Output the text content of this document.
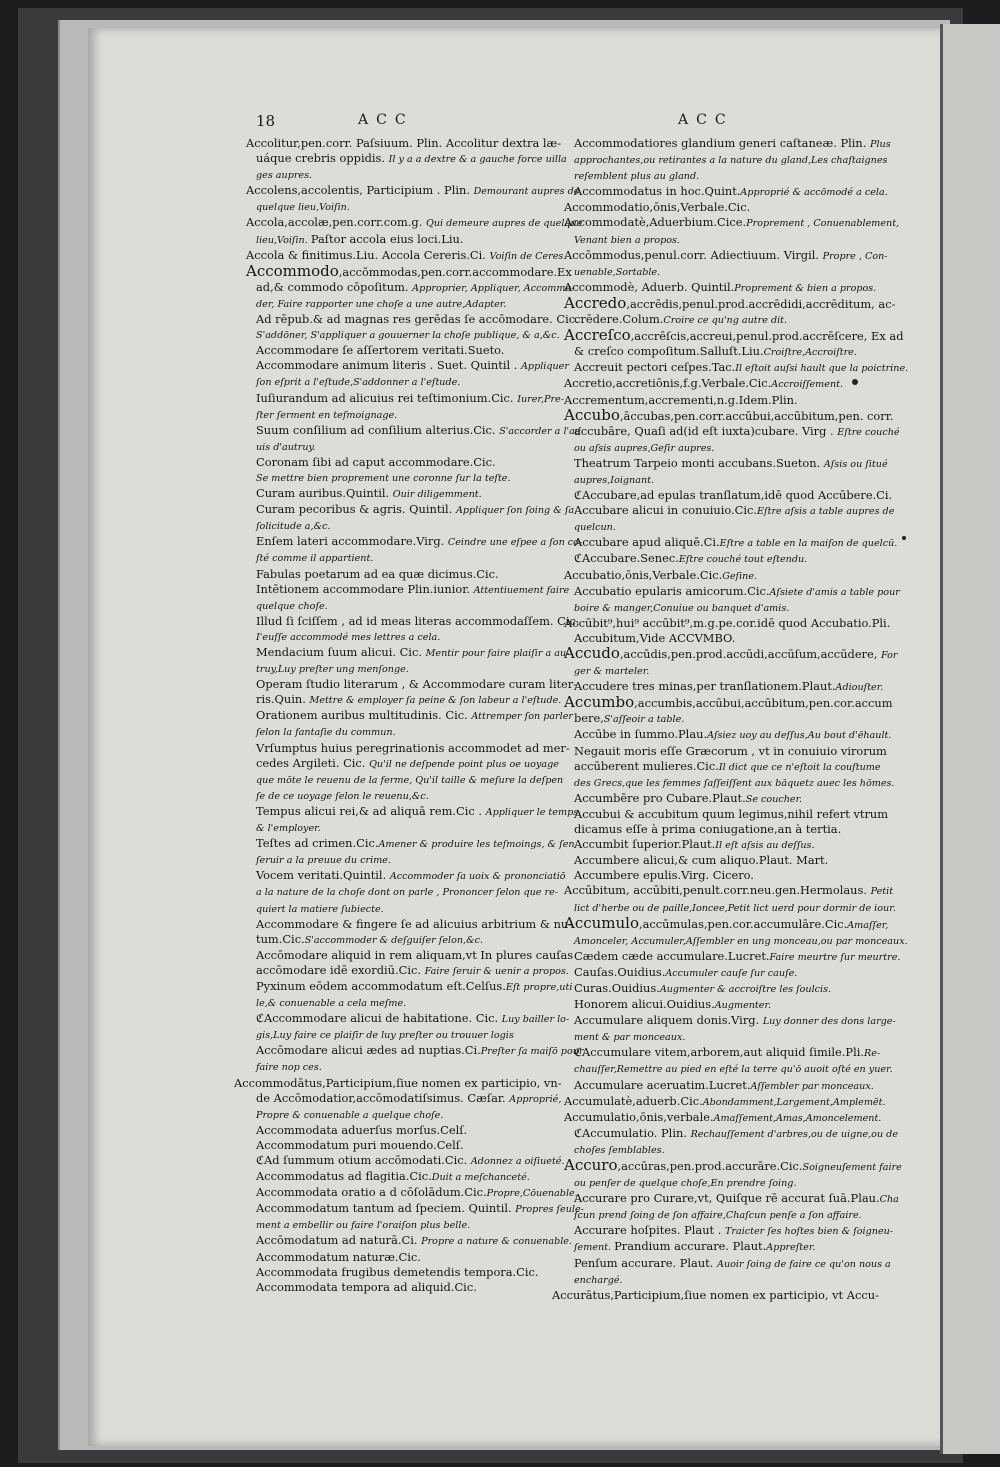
18	ACC	ACC

Accolitur,pen.corr. Paſsiuum. Plin. Accolitur dextra læ-

uáque crebris oppidis. Il y a a dextre & a gauche force uilla

ges aupres.

Accolens,accolentis, Participium . Plin. Demourant aupres de

quelque lieu,Voiſin.

Accola,accolæ,pen.corr.com.g. Qui demeure aupres de quelque

lieu,Voiſin. Paſtor accola eius loci.Liu.

Accola & finitimus.Liu. Accola Cereris.Ci. Voiſin de Ceres

Accommodo,accŏmmodas,pen.corr.accommodare.Ex

ad,& commodo cōpoſitum. Approprier, Appliquer, Accommo-

der, Faire rapporter une choſe a une autre,Adapter.

Ad rēpub.& ad magnas res gerēdas ſe accōmodare. Cic.

S'addōner, S'appliquer a gouuerner la choſe publique, & a,&c.

Accommodare ſe aſſertorem veritati.Sueto.

Accommodare animum literis . Suet. Quintil . Appliquer

ſon eſprit a l'eſtude,S'addonner a l'eſtude.

Iuſiurandum ad alicuius rei teſtimonium.Cic. Iurer,Pre-

ſter ſerment en teſmoignage.

Suum conſilium ad conſilium alterius.Cic. S'accorder a l'ad

uis d'autruy.

Coronam ſibi ad caput accommodare.Cic.

Se mettre bien proprement une coronne ſur la teſte.

Curam auribus.Quintil. Ouir diligemment.

Curam pecoribus & agris. Quintil. Appliquer ſon ſoing & ſa

ſolicitude a,&c.

Enſem lateri accommodare.Virg. Ceindre une eſpee a ſon co-

ſté comme il appartient.

Fabulas poetarum ad ea quæ dicimus.Cic.

Intētionem accommodare Plin.iunior. Attentiuement faire

quelque choſe.

Illud ſi ſciſſem , ad id meas literas accommodaſſem. Cic.

I'euſſe accommodé mes lettres a cela.

Mendacium ſuum alicui. Cic. Mentir pour faire plaiſir a au-

truy,Luy preſter ung menſonge.

Operam ſtudio literarum , & Accommodare curam liter-

ris.Quin. Mettre & employer ſa peine & ſon labeur a l'eſtude.

Orationem auribus multitudinis. Cic. Attremper ſon parler

ſelon la fantaſie du commun.

Vrſumptus huius peregrinationis accommodet ad mer-

cedes Argileti. Cic. Qu'il ne deſpende point plus oe uoyage

que mōte le reuenu de la ferme, Qu'il taille & meſure la deſpen

ſe de ce uoyage ſelon le reuenu,&c.

Tempus alicui rei,& ad aliquā rem.Cic . Appliquer le temps

& l'employer.

Teſtes ad crimen.Cic.Amener & produire les teſmoings, & ſen

ſeruir a la preuue du crime.

Vocem veritati.Quintil. Accommoder ſa uoix & prononciatiō

a la nature de la choſe dont on parle , Prononcer ſelon que re-

quiert la matiere ſubiecte.

Accommodare & fingere ſe ad alicuius arbitrium & nu-

tum.Cic.S'accommoder & deſguiſer ſelon,&c.

Accōmodare aliquid in rem aliquam,vt In plures cauſas

accōmodare idē exordiū.Cic. Faire ſeruir & uenir a propos.

Pyxinum eōdem accommodatum eſt.Celſus.Eſt propre,uti

le,& conuenable a cela meſme.

ℭAccommodare alicui de habitatione. Cic. Luy bailler lo-

gis,Luy faire ce plaiſir de luy preſter ou trouuer logis

Accōmodare alicui ædes ad nuptias.Ci.Preſter ſa maiſō pour

faire nop ces.

Accommodātus,Participium,ſiue nomen ex participio, vn-

de Accōmodatior,accōmodatiſsimus. Cæſar. Approprié,

Propre & conuenable a quelque choſe.

Accommodata aduerſus morſus.Celſ.

Accommodatum puri mouendo.Celſ.

ℭAd ſummum otium accōmodati.Cic. Adonnez a oiſiueté.

Accommodatus ad flagitia.Cic.Duit a meſchanceté.

Accommodata oratio a d cōſolādum.Cic.Propre,Cōuenable.

Accommodatum tantum ad ſpeciem. Quintil. Propres ſeule-

ment a embellir ou faire l'oraiſon plus belle.

Accōmodatum ad naturā.Ci. Propre a nature & conuenable.

Accommodatum naturæ.Cic.

Accommodata frugibus demetendis tempora.Cic.

Accommodata tempora ad aliquid.Cic.

Accommodatiores glandium generi caſtaneæ. Plin. Plus

approchantes,ou retirantes a la nature du gland,Les chaſtaignes

reſemblent plus au gland.

Accommodatus in hoc.Quint.Approprié & accōmodé a cela.

Accommodatio,ōnis,Verbale.Cic.

Accommodatè,Aduerbium.Cice.Proprement , Conuenablement,

Venant bien a propos.

Accōmmodus,penul.corr. Adiectiuum. Virgil. Propre , Con-

uenable,Sortable.

Accommodè, Aduerb. Quintil.Proprement & bien a propos.

Accredo,accrēdis,penul.prod.accrēdidi,accrēditum, ac-

crēdere.Colum.Croire ce qu'ng autre dit.

Accreſco,accrēſcis,accreui,penul.prod.accrēſcere, Ex ad

& creſco compoſitum.Salluſt.Liu.Croiſtre,Accroiſtre.

Accreuit pectori ceſpes.Tac.Il eſtoit auſsi hault que la poictrine.

Accretio,accretiōnis,f.g.Verbale.Cic.Accroiſſement.

Accrementum,accrementi,n.g.Idem.Plin.

Accubo,āccubas,pen.corr.accūbui,accūbitum,pen. corr.

accubāre, Quaſi ad(id eſt iuxta)cubare. Virg . Eſtre couché

ou aſsis aupres,Geſir aupres.

Theatrum Tarpeio monti accubans.Sueton. Aſsis ou ſitué

aupres,Ioignant.

ℭAccubare,ad epulas tranſlatum,idē quod Accūbere.Ci.

Accubare alicui in conuiuio.Cic.Eſtre aſsis a table aupres de

quelcun.

Accubare apud aliquē.Ci.Eſtre a table en la maiſon de quelcū.

ℭAccubare.Senec.Eſtre couché tout eſtendu.

Accubatio,ōnis,Verbale.Cic.Geſine.

Accubatio epularis amicorum.Cic.Aſsiete d'amis a table pour

boire & manger,Conuiue ou banquet d'amis.

Accūbit⁹,hui⁹ accūbit⁹,m.g.pe.cor.idē quod Accubatio.Pli.

Accubitum,Vide ACCVMBO.

Accudo,accūdis,pen.prod.accūdi,accūſum,accūdere, For

ger & marteler.

Accudere tres minas,per tranſlationem.Plaut.Adiouſter.

Accumbo,accumbis,accūbui,accūbitum,pen.cor.accum

bere,S'aſſeoir a table.

Accūbe in ſummo.Plau.Aſsiez uoy au deſſus,Au bout d'ēhault.

Negauit moris eſſe Græcorum , vt in conuiuio virorum

accūberent mulieres.Cic.Il dict que ce n'eſtoit la couſtume

des Grecs,que les femmes ſaſſeiſſent aux bāquetz auec les hōmes.

Accumbēre pro Cubare.Plaut.Se coucher.

Accubui & accubitum quum legimus,nihil refert vtrum

dicamus eſſe à prima coniugatione,an à tertia.

Accumbit ſuperior.Plaut.Il eſt aſsis au deſſus.

Accumbere alicui,& cum aliquo.Plaut. Mart.

Accumbere epulis.Virg. Cicero.

Accūbitum, accūbiti,penult.corr.neu.gen.Hermolaus. Petit

lict d'herbe ou de paille,Ioncee,Petit lict uerd pour dormir de iour.

Accumulo,accūmulas,pen.cor.accumulāre.Cic.Amaſſer,

Amonceler, Accumuler,Aſſembler en ung monceau,ou par monceaux.

Cædem cæde accumulare.Lucret.Faire meurtre ſur meurtre.

Cauſas.Ouidius.Accumuler cauſe ſur cauſe.

Curas.Ouidius.Augmenter & accroiſtre les ſoulcis.

Honorem alicui.Ouidius.Augmenter.

Accumulare aliquem donis.Virg. Luy donner des dons large-

ment & par monceaux.

ℭAccumulare vitem,arborem,aut aliquid ſimile.Pli.Re-

chauſſer,Remettre au pied en eſté la terre qu'ō auoit oſté en yuer.

Accumulare aceruatim.Lucret.Aſſembler par monceaux.

Accumulatè,aduerb.Cic.Abondamment,Largement,Amplemēt.

Accumulatio,ōnis,verbale.Amaſſement,Amas,Amoncelement.

ℭAccumulatio. Plin. Rechauſſement d'arbres,ou de uigne,ou de

choſes ſemblables.

Accuro,accūras,pen.prod.accurāre.Cic.Soigneuſement faire

ou penſer de quelque choſe,En prendre ſoing.

Accurare pro Curare,vt, Quiſque rē accurat ſuā.Plau.Cha

ſcun prend ſoing de ſon affaire,Chaſcun penſe a ſon affaire.

Accurare hoſpites. Plaut . Traicter ſes hoſtes bien & ſoigneu-

ſement. Prandium accurare. Plaut.Appreſter.

Penſum accurare. Plaut. Auoir ſoing de faire ce qu'on nous a

enchargé.

Accurātus,Participium,ſiue nomen ex participio, vt Accu-
